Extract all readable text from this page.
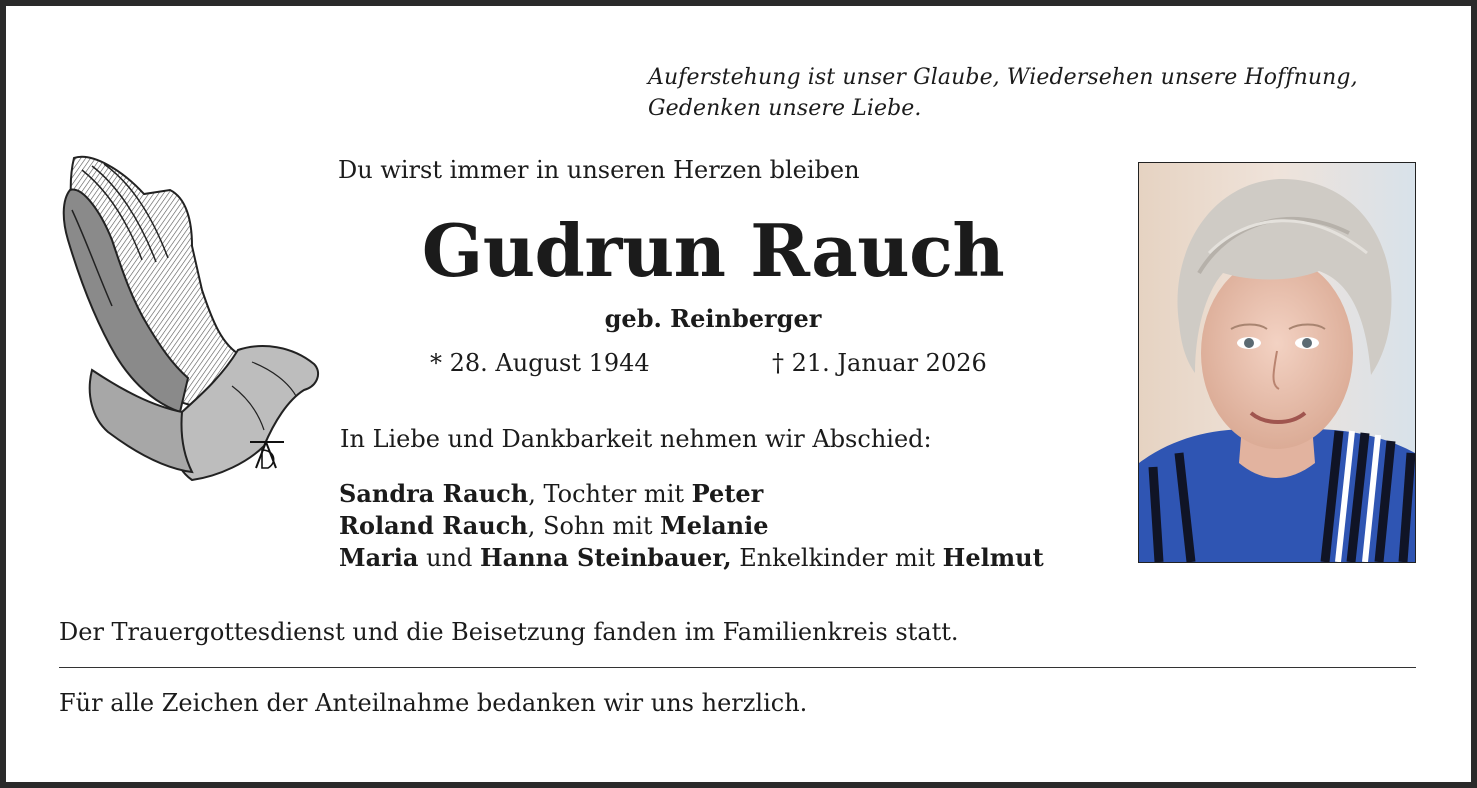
Auferstehung ist unser Glaube, Wiedersehen unsere Hoffnung,
Gedenken unsere Liebe.
Du wirst immer in unseren Herzen bleiben
Gudrun Rauch
geb. Reinberger
* 28. August 1944	† 21. Januar 2026
In Liebe und Dankbarkeit nehmen wir Abschied:
Sandra Rauch, Tochter mit Peter
Roland Rauch, Sohn mit Melanie
Maria und Hanna Steinbauer, Enkelkinder mit Helmut
Der Trauergottesdienst und die Beisetzung fanden im Familienkreis statt.
Für alle Zeichen der Anteilnahme bedanken wir uns herzlich.
